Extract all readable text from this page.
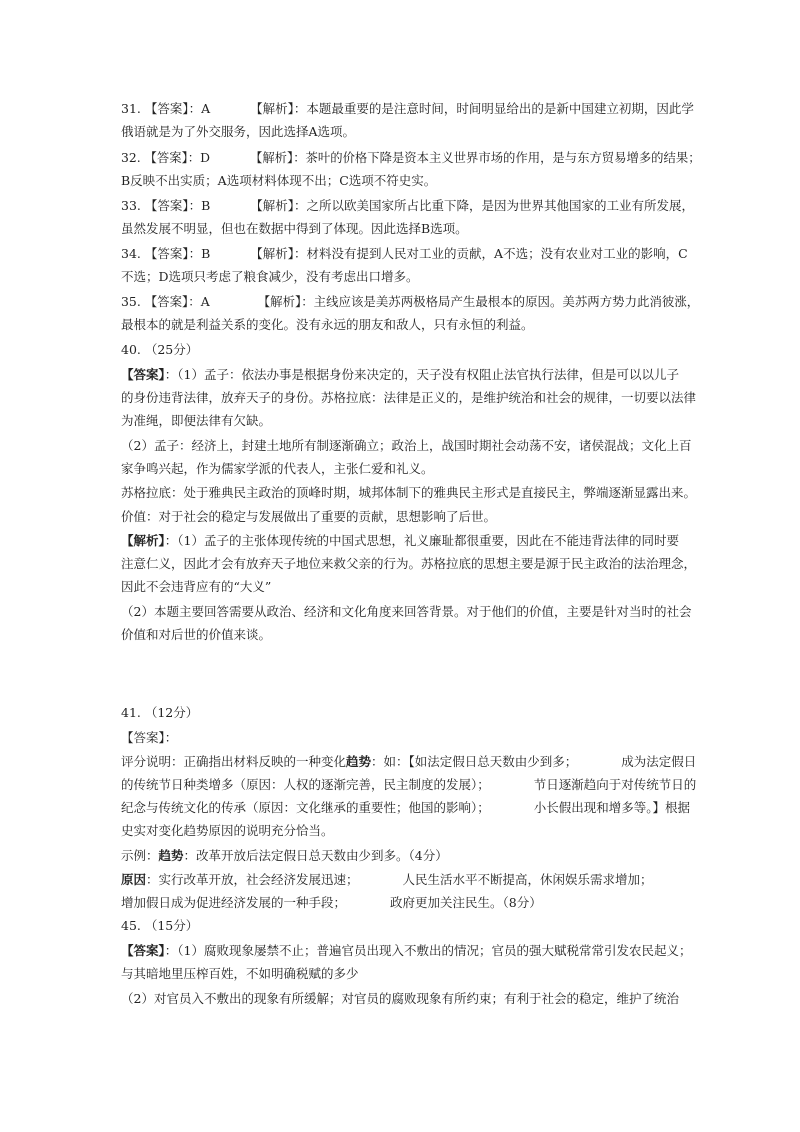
31. 【答案】：A	【解析】：本题最重要的是注意时间，时间明显给出的是新中国建立初期，因此学
俄语就是为了外交服务，因此选择A选项。
32. 【答案】：D	【解析】：茶叶的价格下降是资本主义世界市场的作用，是与东方贸易增多的结果；
B反映不出实质；A选项材料体现不出；C选项不符史实。
33. 【答案】：B	【解析】：之所以欧美国家所占比重下降，是因为世界其他国家的工业有所发展，
虽然发展不明显，但也在数据中得到了体现。因此选择B选项。
34. 【答案】：B	【解析】：材料没有提到人民对工业的贡献，A不选；没有农业对工业的影响，C
不选；D选项只考虑了粮食减少，没有考虑出口增多。
35. 【答案】：A	【解析】：主线应该是美苏两极格局产生最根本的原因。美苏两方势力此消彼涨，
最根本的就是利益关系的变化。没有永远的朋友和敌人，只有永恒的利益。
40. （25分）
【答案】：（1）孟子：依法办事是根据身份来决定的，天子没有权阻止法官执行法律，但是可以以儿子
的身份违背法律，放弃天子的身份。苏格拉底：法律是正义的，是维护统治和社会的规律，一切要以法律
为准绳，即便法律有欠缺。
（2）孟子：经济上，封建土地所有制逐渐确立；政治上，战国时期社会动荡不安，诸侯混战；文化上百
家争鸣兴起，作为儒家学派的代表人，主张仁爱和礼义。
苏格拉底：处于雅典民主政治的顶峰时期，城邦体制下的雅典民主形式是直接民主，弊端逐渐显露出来。
价值：对于社会的稳定与发展做出了重要的贡献，思想影响了后世。
【解析】：（1）孟子的主张体现传统的中国式思想，礼义廉耻都很重要，因此在不能违背法律的同时要
注意仁义，因此才会有放弃天子地位来救父亲的行为。苏格拉底的思想主要是源于民主政治的法治理念，
因此不会违背应有的“大义”
（2）本题主要回答需要从政治、经济和文化角度来回答背景。对于他们的价值，主要是针对当时的社会
价值和对后世的价值来谈。
41. （12分）
【答案】：
评分说明：正确指出材料反映的一种变化趋势：如：【如法定假日总天数由少到多；	成为法定假日
的传统节日种类增多（原因：人权的逐渐完善，民主制度的发展）；	节日逐渐趋向于对传统节日的
纪念与传统文化的传承（原因：文化继承的重要性；他国的影响）；	小长假出现和增多等。】根据
史实对变化趋势原因的说明充分恰当。
示例：趋势：改革开放后法定假日总天数由少到多。（4分）
原因：实行改革开放，社会经济发展迅速；	人民生活水平不断提高，休闲娱乐需求增加；
增加假日成为促进经济发展的一种手段；	政府更加关注民生。（8分）
45. （15分）
【答案】：（1）腐败现象屡禁不止；普遍官员出现入不敷出的情况；官员的强大赋税常常引发农民起义；
与其暗地里压榨百姓，不如明确税赋的多少
（2）对官员入不敷出的现象有所缓解；对官员的腐败现象有所约束；有利于社会的稳定，维护了统治
